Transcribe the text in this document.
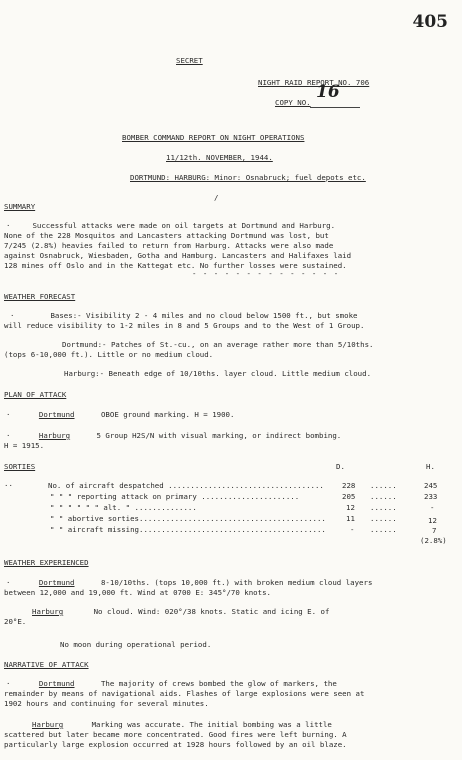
405
SECRET
NIGHT RAID REPORT NO. 706
COPY NO.
16
BOMBER COMMAND REPORT ON NIGHT OPERATIONS
11/12th. NOVEMBER, 1944.
DORTMUND: HARBURG: Minor: Osnabruck; fuel depots etc.
/
SUMMARY
·	Successful attacks were made on oil targets at Dortmund and Harburg.
None of the 228 Mosquitos and Lancasters attacking Dortmund was lost, but
7/245 (2.8%) heavies failed to return from Harburg. Attacks were also made
against Osnabruck, Wiesbaden, Gotha and Hamburg. Lancasters and Halifaxes laid
128 mines off Oslo and in the Kattegat etc. No further losses were sustained.
- - - - - - - - - - - - - -
WEATHER FORECAST
·	Bases:- Visibility 2 - 4 miles and no cloud below 1500 ft., but smoke
will reduce visibility to 1-2 miles in 8 and 5 Groups and to the West of 1 Group.
Dortmund:- Patches of St.-cu., on an average rather more than 5/10ths.
(tops 6-10,000 ft.). Little or no medium cloud.
Harburg:- Beneath edge of 10/10ths. layer cloud. Little medium cloud.
PLAN OF ATTACK
·	Dortmund	OBOE ground marking. H = 1900.
·	Harburg	5 Group H2S/N with visual marking, or indirect bombing.
H = 1915.
SORTIES	D.	H.
··	No. of aircraft despatched ................................... 228 ......	245
" " " reporting attack on primary ......................	205 ......	233
" " " " " " alt. " ..............	12 ......	-
" " abortive sorties..........................................	11 ......	12
" " aircraft missing..........................................	- ......	7
(2.8%)
WEATHER EXPERIENCED
·	Dortmund	8-10/10ths. (tops 10,000 ft.) with broken medium cloud layers
between 12,000 and 19,000 ft. Wind at 0700 E: 345°/70 knots.
Harburg	No cloud. Wind: 020°/38 knots. Static and icing E. of
20°E.
No moon during operational period.
NARRATIVE OF ATTACK
·	Dortmund	The majority of crews bombed the glow of markers, the
remainder by means of navigational aids. Flashes of large explosions were seen at
1902 hours and continuing for several minutes.
Harburg	Marking was accurate. The initial bombing was a little
scattered but later became more concentrated. Good fires were left burning. A
particularly large explosion occurred at 1928 hours followed by an oil blaze.
